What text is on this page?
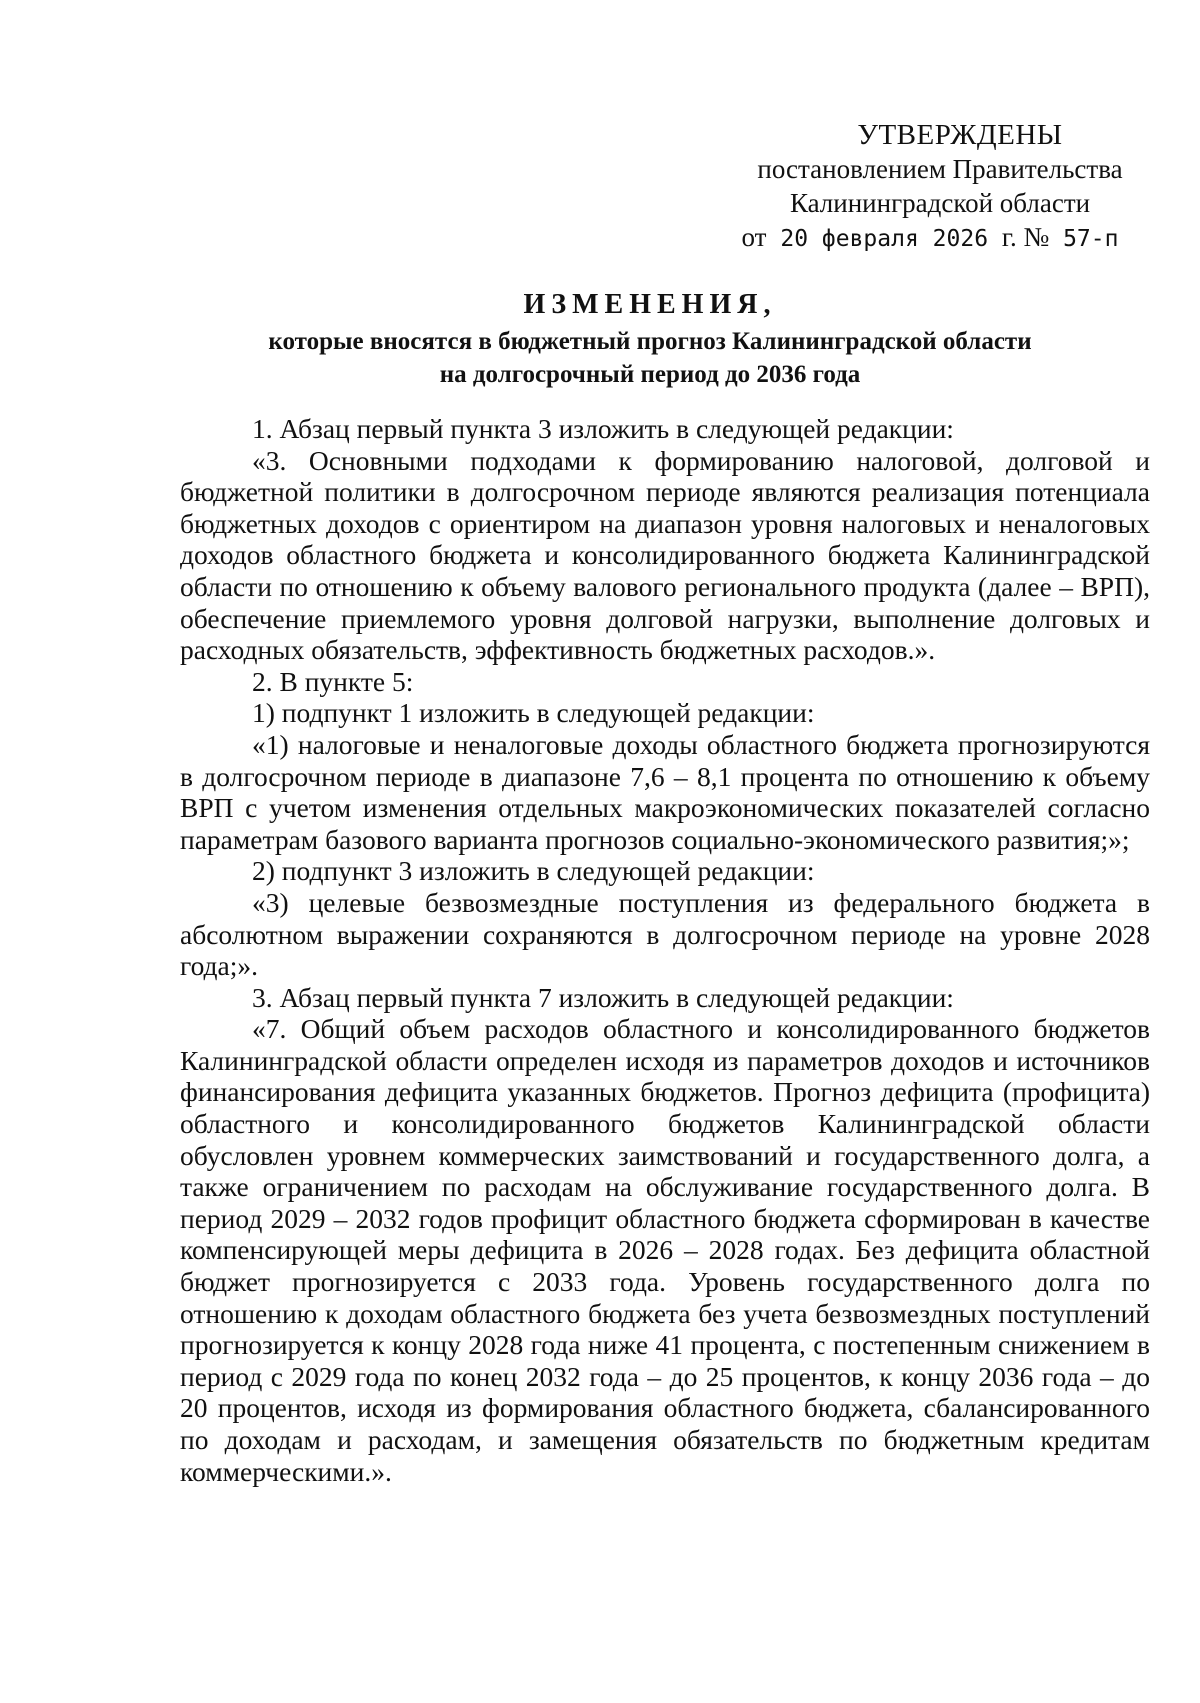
УТВЕРЖДЕНЫ
постановлением Правительства
Калининградской области
от 20 февраля 2026 г. № 57-п
ИЗМЕНЕНИЯ,
которые вносятся в бюджетный прогноз Калининградской области
на долгосрочный период до 2036 года

1. Абзац первый пункта 3 изложить в следующей редакции:

«3. Основными подходами к формированию налоговой, долговой и бюджетной политики в долгосрочном периоде являются реализация потенциала бюджетных доходов с ориентиром на диапазон уровня налоговых и неналоговых доходов областного бюджета и консолидированного бюджета Калининградской области по отношению к объему валового регионального продукта (далее – ВРП), обеспечение приемлемого уровня долговой нагрузки, выполнение долговых и расходных обязательств, эффективность бюджетных расходов.».

2. В пункте 5:

1) подпункт 1 изложить в следующей редакции:

«1) налоговые и неналоговые доходы областного бюджета прогнозируются в долгосрочном периоде в диапазоне 7,6 – 8,1 процента по отношению к объему ВРП с учетом изменения отдельных макроэкономических показателей согласно параметрам базового варианта прогнозов социально-экономического развития;»;

2) подпункт 3 изложить в следующей редакции:

«3) целевые безвозмездные поступления из федерального бюджета в абсолютном выражении сохраняются в долгосрочном периоде на уровне 2028 года;».

3. Абзац первый пункта 7 изложить в следующей редакции:

«7. Общий объем расходов областного и консолидированного бюджетов Калининградской области определен исходя из параметров доходов и источников финансирования дефицита указанных бюджетов. Прогноз дефицита (профицита) областного и консолидированного бюджетов Калининградской области обусловлен уровнем коммерческих заимствований и государственного долга, а также ограничением по расходам на обслуживание государственного долга. В период 2029 – 2032 годов профицит областного бюджета сформирован в качестве компенсирующей меры дефицита в 2026 – 2028 годах. Без дефицита областной бюджет прогнозируется с 2033 года. Уровень государственного долга по отношению к доходам областного бюджета без учета безвозмездных поступлений прогнозируется к концу 2028 года ниже 41 процента, с постепенным снижением в период с 2029 года по конец 2032 года – до 25 процентов, к концу 2036 года – до 20 процентов, исходя из формирования областного бюджета, сбалансированного по доходам и расходам, и замещения обязательств по бюджетным кредитам коммерческими.».
